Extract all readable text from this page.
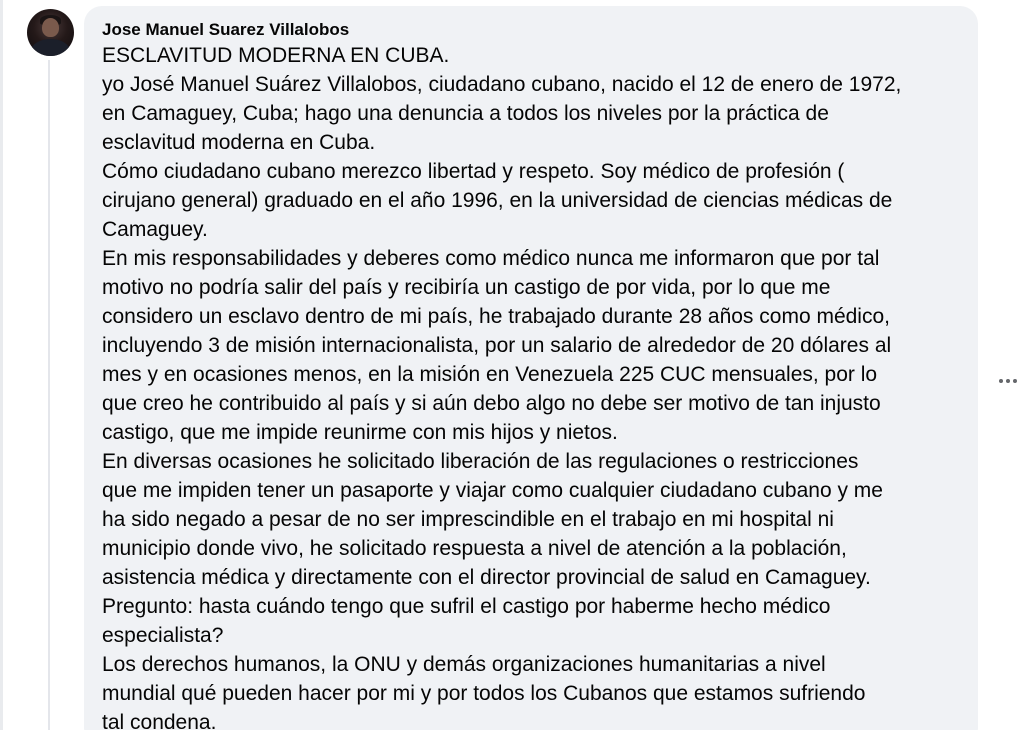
Jose Manuel Suarez Villalobos
ESCLAVITUD MODERNA EN CUBA.
yo José Manuel Suárez Villalobos, ciudadano cubano, nacido el 12 de enero de 1972,
en Camaguey, Cuba; hago una denuncia a todos los niveles por la práctica de
esclavitud moderna en Cuba.
Cómo ciudadano cubano merezco libertad y respeto. Soy médico de profesión (
cirujano general) graduado en el año 1996, en la universidad de ciencias médicas de
Camaguey.
En mis responsabilidades y deberes como médico nunca me informaron que por tal
motivo no podría salir del país y recibiría un castigo de por vida, por lo que me
considero un esclavo dentro de mi país, he trabajado durante 28 años como médico,
incluyendo 3 de misión internacionalista, por un salario de alrededor de 20 dólares al
mes y en ocasiones menos, en la misión en Venezuela 225 CUC mensuales, por lo
que creo he contribuido al país y si aún debo algo no debe ser motivo de tan injusto
castigo, que me impide reunirme con mis hijos y nietos.
En diversas ocasiones he solicitado liberación de las regulaciones o restricciones
que me impiden tener un pasaporte y viajar como cualquier ciudadano cubano y me
ha sido negado a pesar de no ser imprescindible en el trabajo en mi hospital ni
municipio donde vivo, he solicitado respuesta a nivel de atención a la población,
asistencia médica y directamente con el director provincial de salud en Camaguey.
Pregunto: hasta cuándo tengo que sufril el castigo por haberme hecho médico
especialista?
Los derechos humanos, la ONU y demás organizaciones humanitarias a nivel
mundial qué pueden hacer por mi y por todos los Cubanos que estamos sufriendo
tal condena.
